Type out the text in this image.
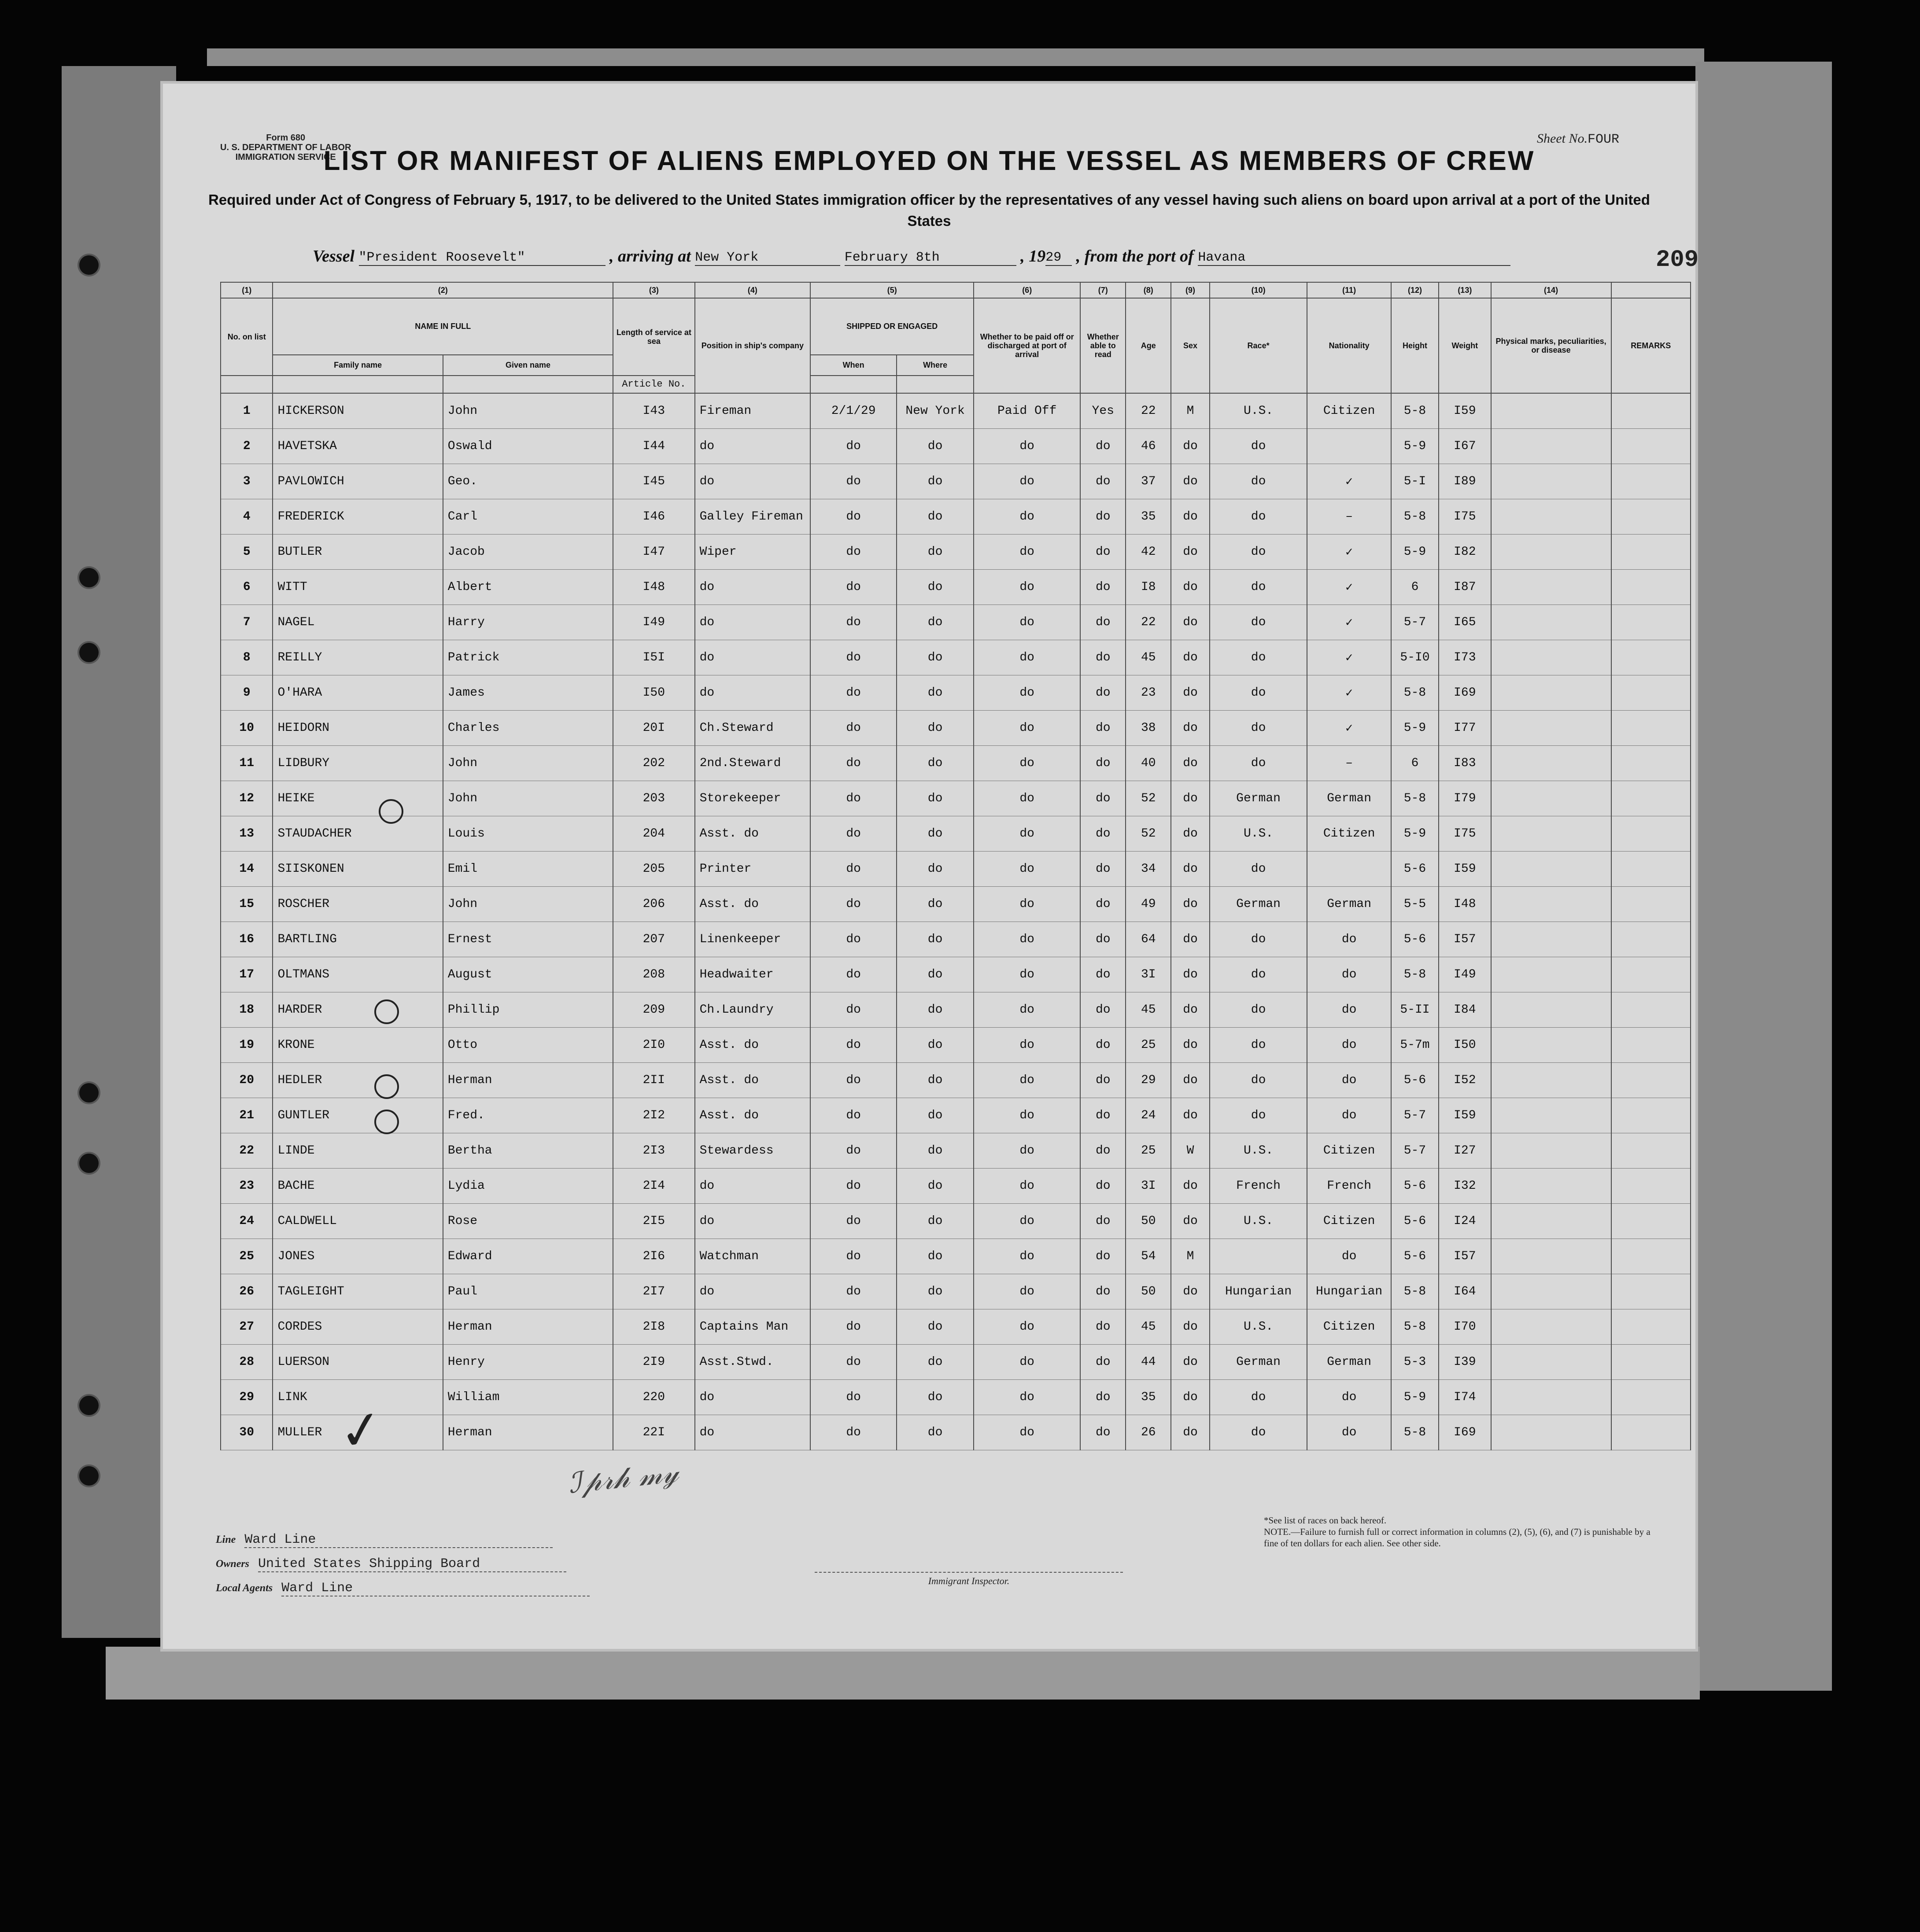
Form 680
U. S. DEPARTMENT OF LABOR
IMMIGRATION SERVICE
Sheet No.FOUR
209
LIST OR MANIFEST OF ALIENS EMPLOYED ON THE VESSEL AS MEMBERS OF CREW
Required under Act of Congress of February 5, 1917, to be delivered to the United States immigration officer by the representatives of any vessel having such aliens on board upon arrival at a port of the United States
Vessel "President Roosevelt"	, arriving at New York	February 8th	, 1929 , from the port of Havana
(1)	(2)		(3)	(4)	(5)		(6)	(7)	(8)	(9)	(10)	(11)	(12)	(13)	(14)	
No. on list	NAME IN FULL		Length of service at sea	Position in ship's company	SHIPPED OR ENGAGED		Whether to be paid off or discharged at port of arrival	Whether able to read	Age	Sex	Race*	Nationality	Height	Weight	Physical marks, peculiarities, or disease	REMARKS
	Family name	Given name			When	Where										
			Article No.													
1	HICKERSON	John	I43	Fireman	2/1/29	New York	Paid Off	Yes	22	M	U.S.	Citizen	5-8	I59		
2	HAVETSKA	Oswald	I44	do	do	do	do	do	46	do	do		5-9	I67		
3	PAVLOWICH	Geo.	I45	do	do	do	do	do	37	do	do	✓	5-I	I89		
4	FREDERICK	Carl	I46	Galley Fireman	do	do	do	do	35	do	do	–	5-8	I75		
5	BUTLER	Jacob	I47	Wiper	do	do	do	do	42	do	do	✓	5-9	I82		
6	WITT	Albert	I48	do	do	do	do	do	I8	do	do	✓	6	I87		
7	NAGEL	Harry	I49	do	do	do	do	do	22	do	do	✓	5-7	I65		
8	REILLY	Patrick	I5I	do	do	do	do	do	45	do	do	✓	5-I0	I73		
9	O'HARA	James	I50	do	do	do	do	do	23	do	do	✓	5-8	I69		
10	HEIDORN	Charles	20I	Ch.Steward	do	do	do	do	38	do	do	✓	5-9	I77		
11	LIDBURY	John	202	2nd.Steward	do	do	do	do	40	do	do	–	6	I83		
12	HEIKE	John	203	Storekeeper	do	do	do	do	52	do	German	German	5-8	I79		
13	STAUDACHER	Louis	204	Asst. do	do	do	do	do	52	do	U.S.	Citizen	5-9	I75		
14	SIISKONEN	Emil	205	Printer	do	do	do	do	34	do	do		5-6	I59		
15	ROSCHER	John	206	Asst. do	do	do	do	do	49	do	German	German	5-5	I48		
16	BARTLING	Ernest	207	Linenkeeper	do	do	do	do	64	do	do	do	5-6	I57		
17	OLTMANS	August	208	Headwaiter	do	do	do	do	3I	do	do	do	5-8	I49		
18	HARDER	Phillip	209	Ch.Laundry	do	do	do	do	45	do	do	do	5-II	I84		
19	KRONE	Otto	2I0	Asst. do	do	do	do	do	25	do	do	do	5-7m	I50		
20	HEDLER	Herman	2II	Asst. do	do	do	do	do	29	do	do	do	5-6	I52		
21	GUNTLER	Fred.	2I2	Asst. do	do	do	do	do	24	do	do	do	5-7	I59		
22	LINDE	Bertha	2I3	Stewardess	do	do	do	do	25	W	U.S.	Citizen	5-7	I27		
23	BACHE	Lydia	2I4	do	do	do	do	do	3I	do	French	French	5-6	I32		
24	CALDWELL	Rose	2I5	do	do	do	do	do	50	do	U.S.	Citizen	5-6	I24		
25	JONES	Edward	2I6	Watchman	do	do	do	do	54	M		do	5-6	I57		
26	TAGLEIGHT	Paul	2I7	do	do	do	do	do	50	do	Hungarian	Hungarian	5-8	I64		
27	CORDES	Herman	2I8	Captains Man	do	do	do	do	45	do	U.S.	Citizen	5-8	I70		
28	LUERSON	Henry	2I9	Asst.Stwd.	do	do	do	do	44	do	German	German	5-3	I39		
29	LINK	William	220	do	do	do	do	do	35	do	do	do	5-9	I74		
30	MULLER	Herman	22I	do	do	do	do	do	26	do	do	do	5-8	I69		
Line Ward Line
Owners United States Shipping Board
Local Agents Ward Line	Immigrant Inspector.
*See list of races on back hereof.
NOTE.—Failure to furnish full or correct information in columns (2), (5), (6), and (7) is punishable by a fine of ten dollars for each alien. See other side.
ℐ𝓅𝓇𝒽 𝓂𝓎
✓
